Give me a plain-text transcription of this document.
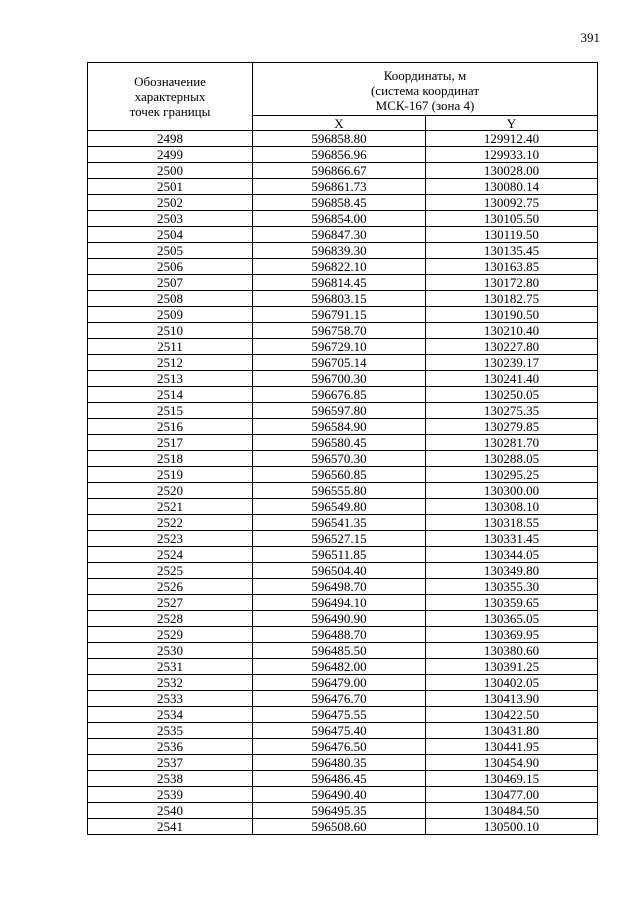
391
Обозначение
характерных
точек границы	Координаты, м
(система координат
МСК-167 (зона 4)	

	X	Y
2498	596858.80	129912.40
2499	596856.96	129933.10
2500	596866.67	130028.00
2501	596861.73	130080.14
2502	596858.45	130092.75
2503	596854.00	130105.50
2504	596847.30	130119.50
2505	596839.30	130135.45
2506	596822.10	130163.85
2507	596814.45	130172.80
2508	596803.15	130182.75
2509	596791.15	130190.50
2510	596758.70	130210.40
2511	596729.10	130227.80
2512	596705.14	130239.17
2513	596700.30	130241.40
2514	596676.85	130250.05
2515	596597.80	130275.35
2516	596584.90	130279.85
2517	596580.45	130281.70
2518	596570.30	130288.05
2519	596560.85	130295.25
2520	596555.80	130300.00
2521	596549.80	130308.10
2522	596541.35	130318.55
2523	596527.15	130331.45
2524	596511.85	130344.05
2525	596504.40	130349.80
2526	596498.70	130355.30
2527	596494.10	130359.65
2528	596490.90	130365.05
2529	596488.70	130369.95
2530	596485.50	130380.60
2531	596482.00	130391.25
2532	596479.00	130402.05
2533	596476.70	130413.90
2534	596475.55	130422.50
2535	596475.40	130431.80
2536	596476.50	130441.95
2537	596480.35	130454.90
2538	596486.45	130469.15
2539	596490.40	130477.00
2540	596495.35	130484.50
2541	596508.60	130500.10
